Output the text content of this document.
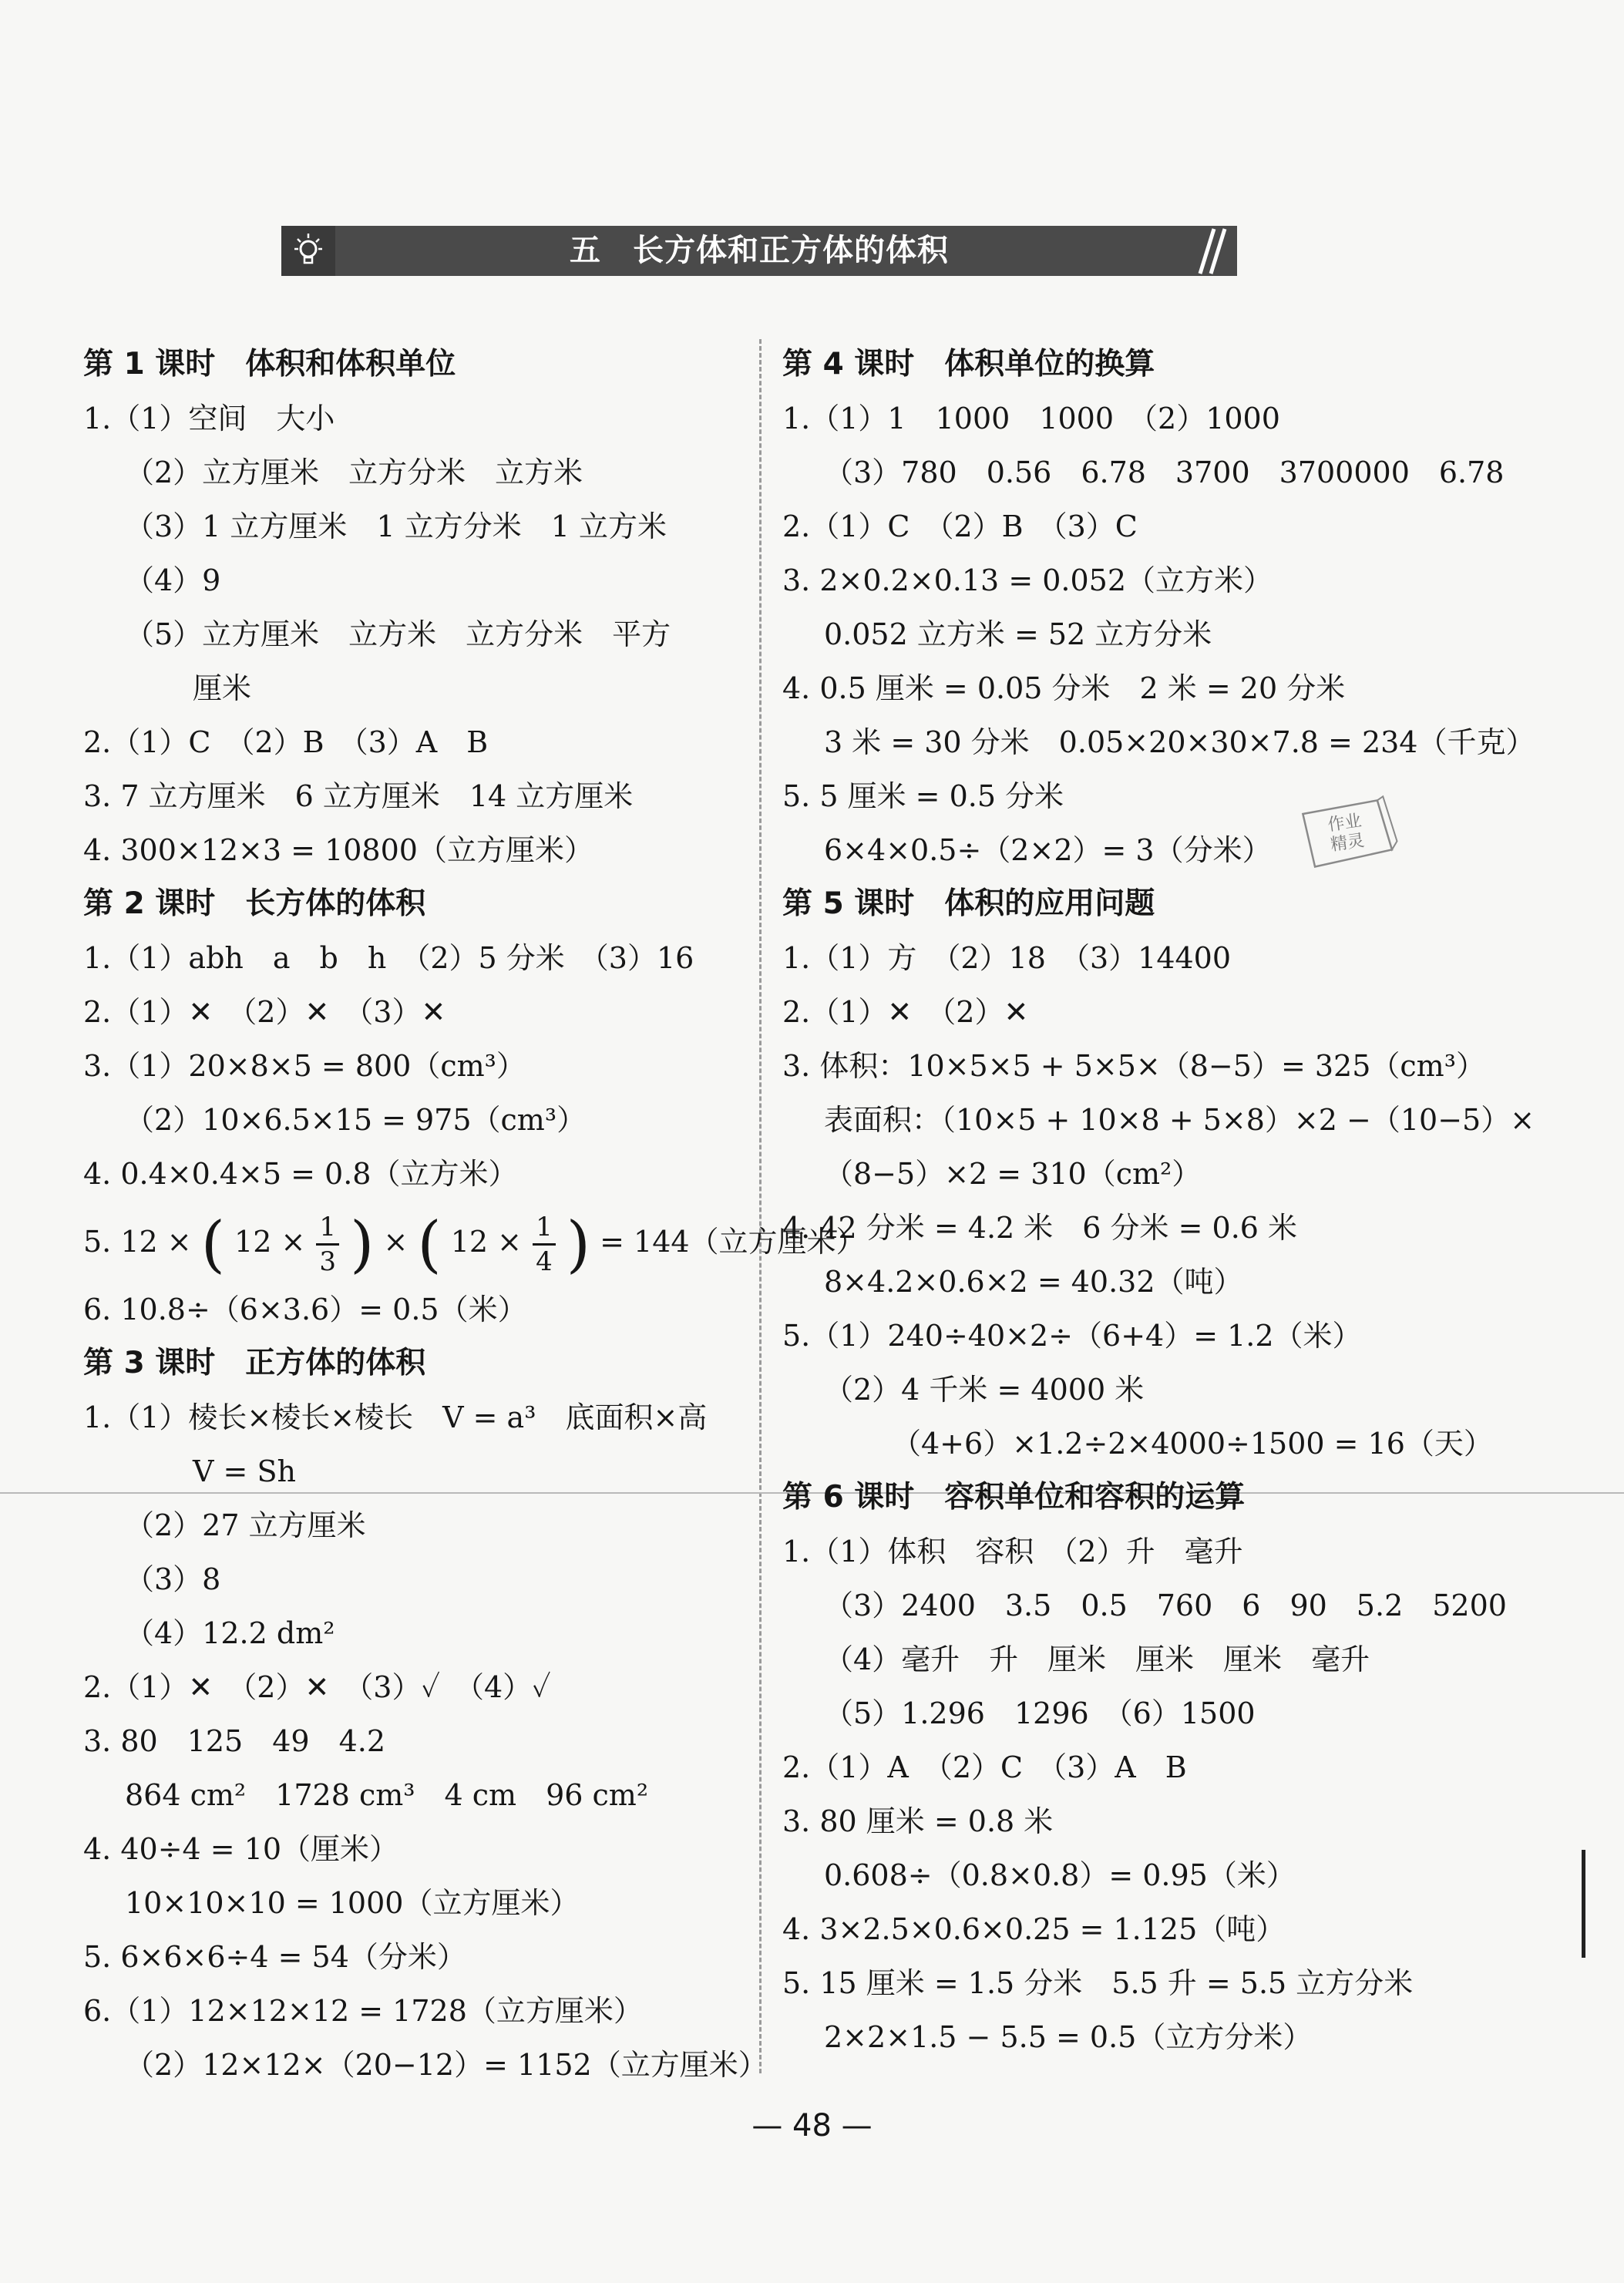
五　长方体和正方体的体积
第 1 课时　体积和体积单位
1.（1）空间　大小
（2）立方厘米　立方分米　立方米
（3）1 立方厘米　1 立方分米　1 立方米
（4）9
（5）立方厘米　立方米　立方分米　平方
厘米
2.（1）C　（2）B　（3）A　B
3. 7 立方厘米　6 立方厘米　14 立方厘米
4. 300×12×3 = 10800（立方厘米）
第 2 课时　长方体的体积
1.（1）abh　a　b　h　（2）5 分米　（3）16
2.（1）✕　（2）✕　（3）✕
3.（1）20×8×5 = 800（cm³）
（2）10×6.5×15 = 975（cm³）
4. 0.4×0.4×5 = 0.8（立方米）
5. 12 × ( $12 \times \frac{1}{3}$ ) × ( $12 \times \frac{1}{4}$ ) = 144（立方厘米）
6. 10.8÷（6×3.6）= 0.5（米）
第 3 课时　正方体的体积
1.（1）棱长×棱长×棱长　V = a³　底面积×高
V = Sh
（2）27 立方厘米
（3）8
（4）12.2 dm²
2.（1）✕　（2）✕　（3）✓　（4）✓
3. 80　125　49　4.2
864 cm²　1728 cm³　4 cm　96 cm²
4. 40÷4 = 10（厘米）
10×10×10 = 1000（立方厘米）
5. 6×6×6÷4 = 54（分米）
6.（1）12×12×12 = 1728（立方厘米）
（2）12×12×（20−12）= 1152（立方厘米）
第 4 课时　体积单位的换算
1.（1）1　1000　1000　（2）1000
（3）780　0.56　6.78　3700　3700000　6.78
2.（1）C　（2）B　（3）C
3. 2×0.2×0.13 = 0.052（立方米）
0.052 立方米 = 52 立方分米
4. 0.5 厘米 = 0.05 分米　2 米 = 20 分米
3 米 = 30 分米　0.05×20×30×7.8 = 234（千克）
5. 5 厘米 = 0.5 分米
6×4×0.5÷（2×2）= 3（分米）
第 5 课时　体积的应用问题
1.（1）方　（2）18　（3）14400
2.（1）✕　（2）✕
3. 体积：10×5×5 + 5×5×（8−5）= 325（cm³）
表面积：（10×5 + 10×8 + 5×8）×2 −（10−5）×
（8−5）×2 = 310（cm²）
4. 42 分米 = 4.2 米　6 分米 = 0.6 米
8×4.2×0.6×2 = 40.32（吨）
5.（1）240÷40×2÷（6+4）= 1.2（米）
（2）4 千米 = 4000 米
（4+6）×1.2÷2×4000÷1500 = 16（天）
第 6 课时　容积单位和容积的运算
1.（1）体积　容积　（2）升　毫升
（3）2400　3.5　0.5　760　6　90　5.2　5200
（4）毫升　升　厘米　厘米　厘米　毫升
（5）1.296　1296　（6）1500
2.（1）A　（2）C　（3）A　B
3. 80 厘米 = 0.8 米
0.608÷（0.8×0.8）= 0.95（米）
4. 3×2.5×0.6×0.25 = 1.125（吨）
5. 15 厘米 = 1.5 分米　5.5 升 = 5.5 立方分米
2×2×1.5 − 5.5 = 0.5（立方分米）
作业
精灵
— 48 —
